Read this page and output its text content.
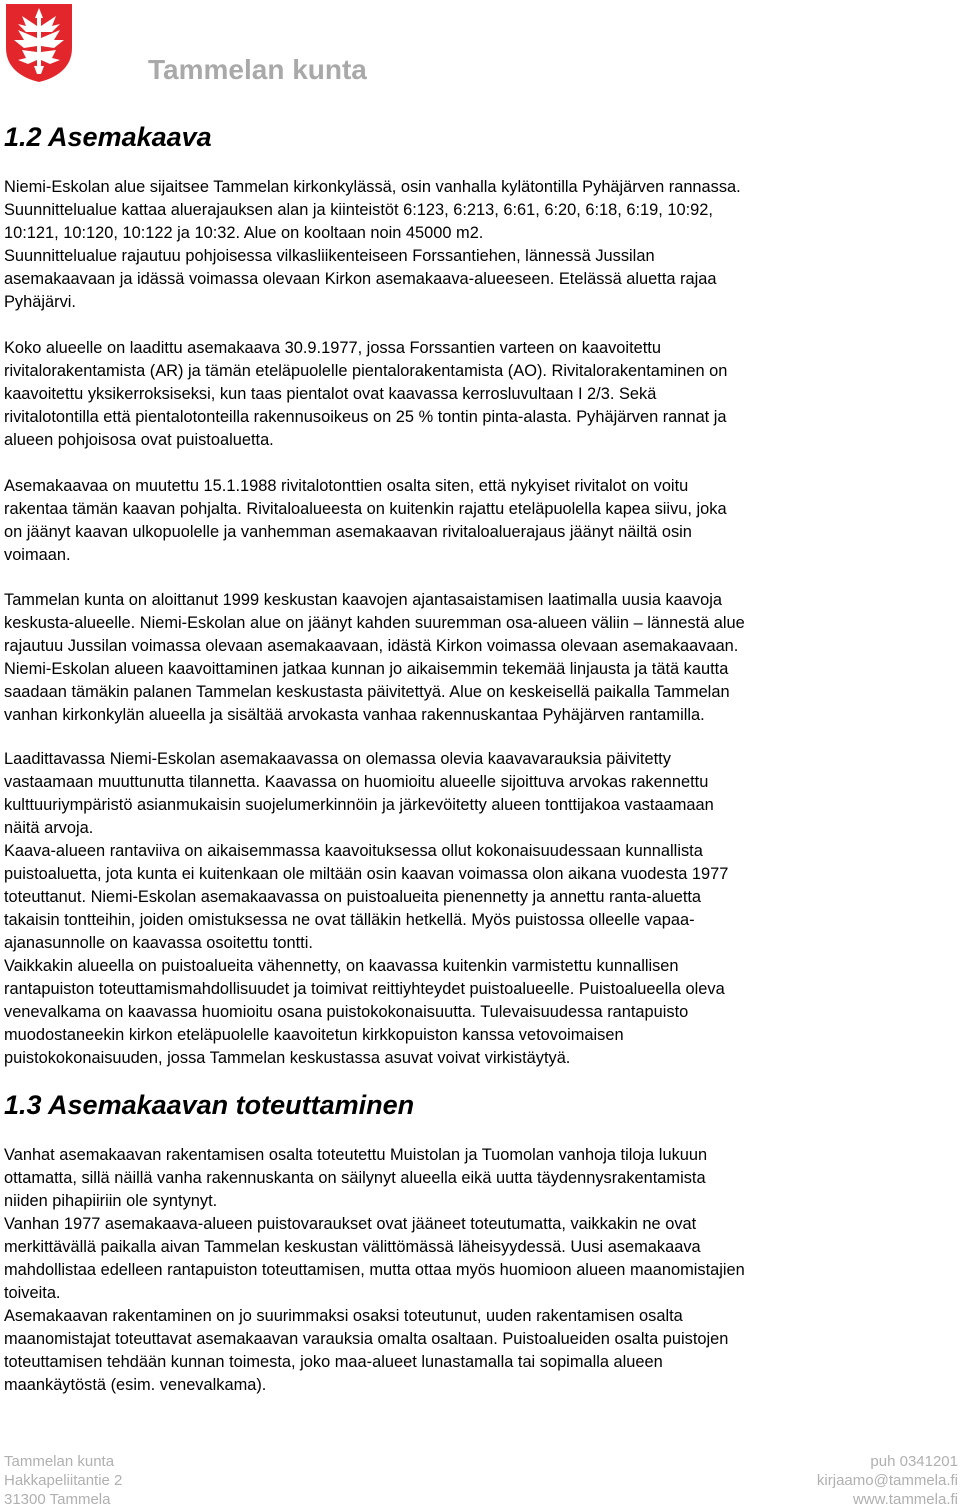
Tammelan kunta
1.2 Asemakaava

Niemi-Eskolan alue sijaitsee Tammelan kirkonkylässä, osin vanhalla kylätontilla Pyhäjärven rannassa.
Suunnittelualue kattaa aluerajauksen alan ja kiinteistöt 6:123, 6:213, 6:61, 6:20, 6:18, 6:19, 10:92,
10:121, 10:120, 10:122 ja 10:32. Alue on kooltaan noin 45000 m2.
Suunnittelualue rajautuu pohjoisessa vilkasliikenteiseen Forssantiehen, lännessä Jussilan
asemakaavaan ja idässä voimassa olevaan Kirkon asemakaava-alueeseen. Etelässä aluetta rajaa
Pyhäjärvi.

Koko alueelle on laadittu asemakaava 30.9.1977, jossa Forssantien varteen on kaavoitettu
rivitalorakentamista (AR) ja tämän eteläpuolelle pientalorakentamista (AO). Rivitalorakentaminen on
kaavoitettu yksikerroksiseksi, kun taas pientalot ovat kaavassa kerrosluvultaan I 2/3. Sekä
rivitalotontilla että pientalotonteilla rakennusoikeus on 25 % tontin pinta-alasta. Pyhäjärven rannat ja
alueen pohjoisosa ovat puistoaluetta.

Asemakaavaa on muutettu 15.1.1988 rivitalotonttien osalta siten, että nykyiset rivitalot on voitu
rakentaa tämän kaavan pohjalta. Rivitaloalueesta on kuitenkin rajattu eteläpuolella kapea siivu, joka
on jäänyt kaavan ulkopuolelle ja vanhemman asemakaavan rivitaloaluerajaus jäänyt näiltä osin
voimaan.

Tammelan kunta on aloittanut 1999 keskustan kaavojen ajantasaistamisen laatimalla uusia kaavoja
keskusta-alueelle. Niemi-Eskolan alue on jäänyt kahden suuremman osa-alueen väliin – lännestä alue
rajautuu Jussilan voimassa olevaan asemakaavaan, idästä Kirkon voimassa olevaan asemakaavaan.
Niemi-Eskolan alueen kaavoittaminen jatkaa kunnan jo aikaisemmin tekemää linjausta ja tätä kautta
saadaan tämäkin palanen Tammelan keskustasta päivitettyä. Alue on keskeisellä paikalla Tammelan
vanhan kirkonkylän alueella ja sisältää arvokasta vanhaa rakennuskantaa Pyhäjärven rantamilla.

Laadittavassa Niemi-Eskolan asemakaavassa on olemassa olevia kaavavarauksia päivitetty
vastaamaan muuttunutta tilannetta. Kaavassa on huomioitu alueelle sijoittuva arvokas rakennettu
kulttuuriympäristö asianmukaisin suojelumerkinnöin ja järkevöitetty alueen tonttijakoa vastaamaan
näitä arvoja.
Kaava-alueen rantaviiva on aikaisemmassa kaavoituksessa ollut kokonaisuudessaan kunnallista
puistoaluetta, jota kunta ei kuitenkaan ole miltään osin kaavan voimassa olon aikana vuodesta 1977
toteuttanut. Niemi-Eskolan asemakaavassa on puistoalueita pienennetty ja annettu ranta-aluetta
takaisin tontteihin, joiden omistuksessa ne ovat tälläkin hetkellä. Myös puistossa olleelle vapaa-
ajanasunnolle on kaavassa osoitettu tontti.
Vaikkakin alueella on puistoalueita vähennetty, on kaavassa kuitenkin varmistettu kunnallisen
rantapuiston toteuttamismahdollisuudet ja toimivat reittiyhteydet puistoalueelle. Puistoalueella oleva
venevalkama on kaavassa huomioitu osana puistokokonaisuutta. Tulevaisuudessa rantapuisto
muodostaneekin kirkon eteläpuolelle kaavoitetun kirkkopuiston kanssa vetovoimaisen
puistokokonaisuuden, jossa Tammelan keskustassa asuvat voivat virkistäytyä.

1.3 Asemakaavan toteuttaminen

Vanhat asemakaavan rakentamisen osalta toteutettu Muistolan ja Tuomolan vanhoja tiloja lukuun
ottamatta, sillä näillä vanha rakennuskanta on säilynyt alueella eikä uutta täydennysrakentamista
niiden pihapiiriin ole syntynyt.
Vanhan 1977 asemakaava-alueen puistovaraukset ovat jääneet toteutumatta, vaikkakin ne ovat
merkittävällä paikalla aivan Tammelan keskustan välittömässä läheisyydessä. Uusi asemakaava
mahdollistaa edelleen rantapuiston toteuttamisen, mutta ottaa myös huomioon alueen maanomistajien
toiveita.
Asemakaavan rakentaminen on jo suurimmaksi osaksi toteutunut, uuden rakentamisen osalta
maanomistajat toteuttavat asemakaavan varauksia omalta osaltaan. Puistoalueiden osalta puistojen
toteuttamisen tehdään kunnan toimesta, joko maa-alueet lunastamalla tai sopimalla alueen
maankäytöstä (esim. venevalkama).

Tammelan kunta
Hakkapeliitantie 2
31300 Tammela
puh 0341201
kirjaamo@tammela.fi
www.tammela.fi
